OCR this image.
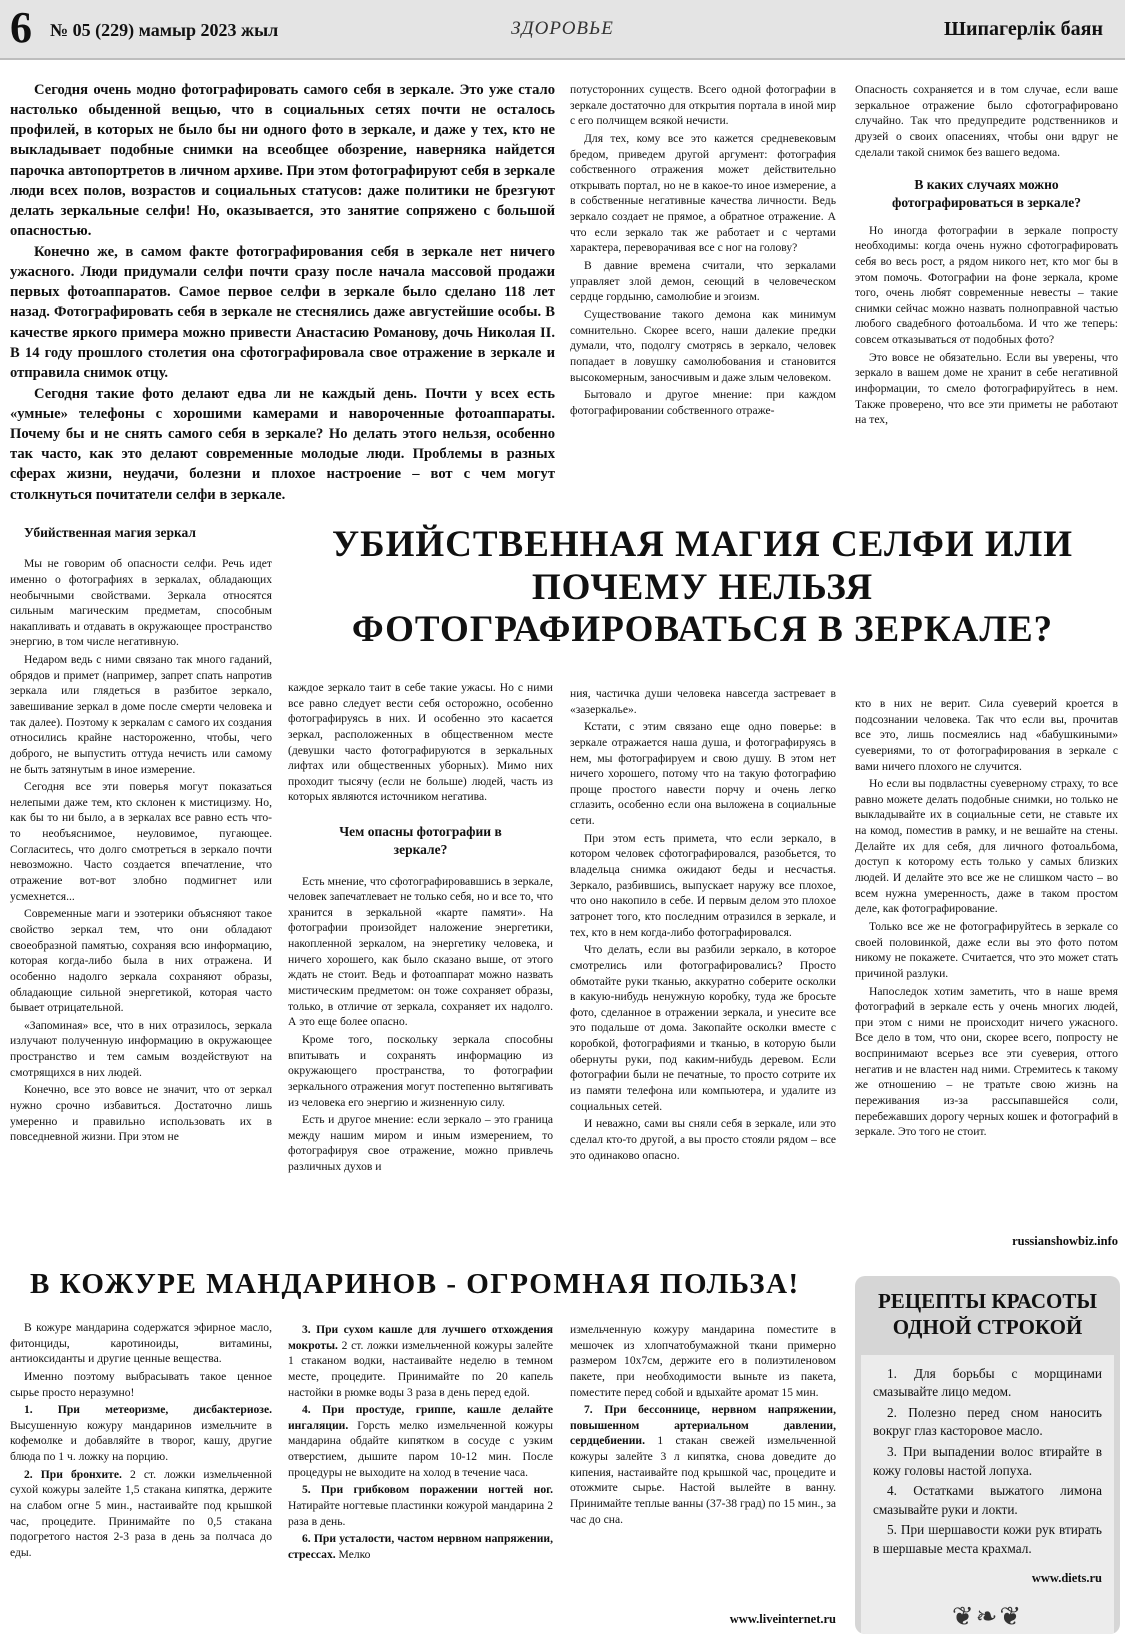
6 № 05 (229) мамыр 2023 жыл	ЗДОРОВЬЕ	Шипагерлік баян

Сегодня очень модно фотографировать самого себя в зеркале. Это уже стало настолько обыденной вещью, что в социальных сетях почти не осталось профилей, в которых не было бы ни одного фото в зеркале, и даже у тех, кто не выкладывает подобные снимки на всеобщее обозрение, наверняка найдется парочка автопортретов в личном архиве. При этом фотографируют себя в зеркале люди всех полов, возрастов и социальных статусов: даже политики не брезгуют делать зеркальные селфи! Но, оказывается, это занятие сопряжено с большой опасностью.

Конечно же, в самом факте фотографирования себя в зеркале нет ничего ужасного. Люди придумали селфи почти сразу после начала массовой продажи первых фотоаппаратов. Самое первое селфи в зеркале было сделано 118 лет назад. Фотографировать себя в зеркале не стеснялись даже августейшие особы. В качестве яркого примера можно привести Анастасию Романову, дочь Николая II. В 14 году прошлого столетия она сфотографировала свое отражение в зеркале и отправила снимок отцу.

Сегодня такие фото делают едва ли не каждый день. Почти у всех есть «умные» телефоны с хорошими камерами и навороченные фотоаппараты. Почему бы и не снять самого себя в зеркале? Но делать этого нельзя, особенно так часто, как это делают современные молодые люди. Проблемы в разных сферах жизни, неудачи, болезни и плохое настроение – вот с чем могут столкнуться почитатели селфи в зеркале.

потусторонних существ. Всего одной фотографии в зеркале достаточно для открытия портала в иной мир с его полчищем всякой нечисти.

Для тех, кому все это кажется средневековым бредом, приведем другой аргумент: фотография собственного отражения может действительно открывать портал, но не в какое-то иное измерение, а в собственные негативные качества личности. Ведь зеркало создает не прямое, а обратное отражение. А что если зеркало так же работает и с чертами характера, переворачивая все с ног на голову?

В давние времена считали, что зеркалами управляет злой демон, сеющий в человеческом сердце гордыню, самолюбие и эгоизм.

Существование такого демона как минимум сомнительно. Скорее всего, наши далекие предки думали, что, подолгу смотрясь в зеркало, человек попадает в ловушку самолюбования и становится высокомерным, заносчивым и даже злым человеком.

Бытовало и другое мнение: при каждом фотографировании собственного отраже-

Опасность сохраняется и в том случае, если ваше зеркальное отражение было сфотографировано случайно. Так что предупредите родственников и друзей о своих опасениях, чтобы они вдруг не сделали такой снимок без вашего ведома.

В каких случаях можно фотографироваться в зеркале?

Но иногда фотографии в зеркале попросту необходимы: когда очень нужно сфотографировать себя во весь рост, а рядом никого нет, кто мог бы в этом помочь. Фотографии на фоне зеркала, кроме того, очень любят современные невесты – такие снимки сейчас можно назвать полноправной частью любого свадебного фотоальбома. И что же теперь: совсем отказываться от подобных фото?

Это вовсе не обязательно. Если вы уверены, что зеркало в вашем доме не хранит в себе негативной информации, то смело фотографируйтесь в нем. Также проверено, что все эти приметы не работают на тех,

Убийственная магия зеркал

Мы не говорим об опасности селфи. Речь идет именно о фотографиях в зеркалах, обладающих необычными свойствами. Зеркала относятся сильным магическим предметам, способным накапливать и отдавать в окружающее пространство энергию, в том числе негативную.

Недаром ведь с ними связано так много гаданий, обрядов и примет (например, запрет спать напротив зеркала или глядеться в разбитое зеркало, завешивание зеркал в доме после смерти человека и так далее). Поэтому к зеркалам с самого их создания относились крайне настороженно, чтобы, чего доброго, не выпустить оттуда нечисть или самому не быть затянутым в иное измерение.

Сегодня все эти поверья могут показаться нелепыми даже тем, кто склонен к мистицизму. Но, как бы то ни было, а в зеркалах все равно есть что-то необъяснимое, неуловимое, пугающее. Согласитесь, что долго смотреться в зеркало почти невозможно. Часто создается впечатление, что отражение вот-вот злобно подмигнет или усмехнется...

Современные маги и эзотерики объясняют такое свойство зеркал тем, что они обладают своеобразной памятью, сохраняя всю информацию, которая когда-либо была в них отражена. И особенно надолго зеркала сохраняют образы, обладающие сильной энергетикой, которая часто бывает отрицательной.

«Запоминая» все, что в них отразилось, зеркала излучают полученную информацию в окружающее пространство и тем самым воздействуют на смотрящихся в них людей.

Конечно, все это вовсе не значит, что от зеркал нужно срочно избавиться. Достаточно лишь умеренно и правильно использовать их в повседневной жизни. При этом не

УБИЙСТВЕННАЯ МАГИЯ СЕЛФИ ИЛИ ПОЧЕМУ НЕЛЬЗЯ ФОТОГРАФИРОВАТЬСЯ В ЗЕРКАЛЕ?

каждое зеркало таит в себе такие ужасы. Но с ними все равно следует вести себя осторожно, особенно фотографируясь в них. И особенно это касается зеркал, расположенных в общественном месте (девушки часто фотографируются в зеркальных лифтах или общественных уборных). Мимо них проходит тысячу (если не больше) людей, часть из которых являются источником негатива.

Чем опасны фотографии в зеркале?

Есть мнение, что сфотографировавшись в зеркале, человек запечатлевает не только себя, но и все то, что хранится в зеркальной «карте памяти». На фотографии произойдет наложение энергетики, накопленной зеркалом, на энергетику человека, и ничего хорошего, как было сказано выше, от этого ждать не стоит. Ведь и фотоаппарат можно назвать мистическим предметом: он тоже сохраняет образы, только, в отличие от зеркала, сохраняет их надолго. А это еще более опасно.

Кроме того, поскольку зеркала способны впитывать и сохранять информацию из окружающего пространства, то фотографии зеркального отражения могут постепенно вытягивать из человека его энергию и жизненную силу.

Есть и другое мнение: если зеркало – это граница между нашим миром и иным измерением, то фотографируя свое отражение, можно привлечь различных духов и

ния, частичка души человека навсегда застревает в «зазеркалье».

Кстати, с этим связано еще одно поверье: в зеркале отражается наша душа, и фотографируясь в нем, мы фотографируем и свою душу. В этом нет ничего хорошего, потому что на такую фотографию проще простого навести порчу и очень легко сглазить, особенно если она выложена в социальные сети.

При этом есть примета, что если зеркало, в котором человек сфотографировался, разобьется, то владельца снимка ожидают беды и несчастья. Зеркало, разбившись, выпускает наружу все плохое, что оно накопило в себе. И первым делом это плохое затронет того, кто последним отразился в зеркале, и тех, кто в нем когда-либо фотографировался.

Что делать, если вы разбили зеркало, в которое смотрелись или фотографировались? Просто обмотайте руки тканью, аккуратно соберите осколки в какую-нибудь ненужную коробку, туда же бросьте фото, сделанное в отражении зеркала, и унесите все это подальше от дома. Закопайте осколки вместе с коробкой, фотографиями и тканью, в которую были обернуты руки, под каким-нибудь деревом. Если фотографии были не печатные, то просто сотрите их из памяти телефона или компьютера, и удалите из социальных сетей.

И неважно, сами вы сняли себя в зеркале, или это сделал кто-то другой, а вы просто стояли рядом – все это одинаково опасно.

кто в них не верит. Сила суеверий кроется в подсознании человека. Так что если вы, прочитав все это, лишь посмеялись над «бабушкиными» суевериями, то от фотографирования в зеркале с вами ничего плохого не случится.

Но если вы подвластны суеверному страху, то все равно можете делать подобные снимки, но только не выкладывайте их в социальные сети, не ставьте их на комод, поместив в рамку, и не вешайте на стены. Делайте их для себя, для личного фотоальбома, доступ к которому есть только у самых близких людей. И делайте это все же не слишком часто – во всем нужна умеренность, даже в таком простом деле, как фотографирование.

Только все же не фотографируйтесь в зеркале со своей половинкой, даже если вы это фото потом никому не покажете. Считается, что это может стать причиной разлуки.

Напоследок хотим заметить, что в наше время фотографий в зеркале есть у очень многих людей, при этом с ними не происходит ничего ужасного. Все дело в том, что они, скорее всего, попросту не воспринимают всерьез все эти суеверия, оттого негатив и не властен над ними. Стремитесь к такому же отношению – не тратьте свою жизнь на переживания из-за рассыпавшейся соли, перебежавших дорогу черных кошек и фотографий в зеркале. Это того не стоит.

russianshowbiz.info
В КОЖУРЕ МАНДАРИНОВ - ОГРОМНАЯ ПОЛЬЗА!

В кожуре мандарина содержатся эфирное масло, фитонциды, каротиноиды, витамины, антиоксиданты и другие ценные вещества.

Именно поэтому выбрасывать такое ценное сырье просто неразумно!

1. При метеоризме, дисбактериозе. Высушенную кожуру мандаринов измельчите в кофемолке и добавляйте в творог, кашу, другие блюда по 1 ч. ложку на порцию.

2. При бронхите. 2 ст. ложки измельченной сухой кожуры залейте 1,5 стакана кипятка, держите на слабом огне 5 мин., настаивайте под крышкой час, процедите. Принимайте по 0,5 стакана подогретого настоя 2-3 раза в день за полчаса до еды.

3. При сухом кашле для лучшего отхождения мокроты. 2 ст. ложки измельченной кожуры залейте 1 стаканом водки, настаивайте неделю в темном месте, процедите. Принимайте по 20 капель настойки в рюмке воды 3 раза в день перед едой.

4. При простуде, гриппе, кашле делайте ингаляции. Горсть мелко измельченной кожуры мандарина обдайте кипятком в сосуде с узким отверстием, дышите паром 10-12 мин. После процедуры не выходите на холод в течение часа.

5. При грибковом поражении ногтей ног. Натирайте ногтевые пластинки кожурой мандарина 2 раза в день.

6. При усталости, частом нервном напряжении, стрессах. Мелко

измельченную кожуру мандарина поместите в мешочек из хлопчатобумажной ткани примерно размером 10х7см, держите его в полиэтиленовом пакете, при необходимости выньте из пакета, поместите перед собой и вдыхайте аромат 15 мин.

7. При бессоннице, нервном напряжении, повышенном артериальном давлении, сердцебиении. 1 стакан свежей измельченной кожуры залейте 3 л кипятка, снова доведите до кипения, настаивайте под крышкой час, процедите и отожмите сырье. Настой вылейте в ванну. Принимайте теплые ванны (37-38 град) по 15 мин., за час до сна.

www.liveinternet.ru
РЕЦЕПТЫ КРАСОТЫ ОДНОЙ СТРОКОЙ

1. Для борьбы с морщинами смазывайте лицо медом.

2. Полезно перед сном наносить вокруг глаз касторовое масло.

3. При выпадении волос втирайте в кожу головы настой лопуха.

4. Остатками выжатого лимона смазывайте руки и локти.

5. При шершавости кожи рук втирать в шершавые места крахмал.

www.diets.ru
❦❧❦
